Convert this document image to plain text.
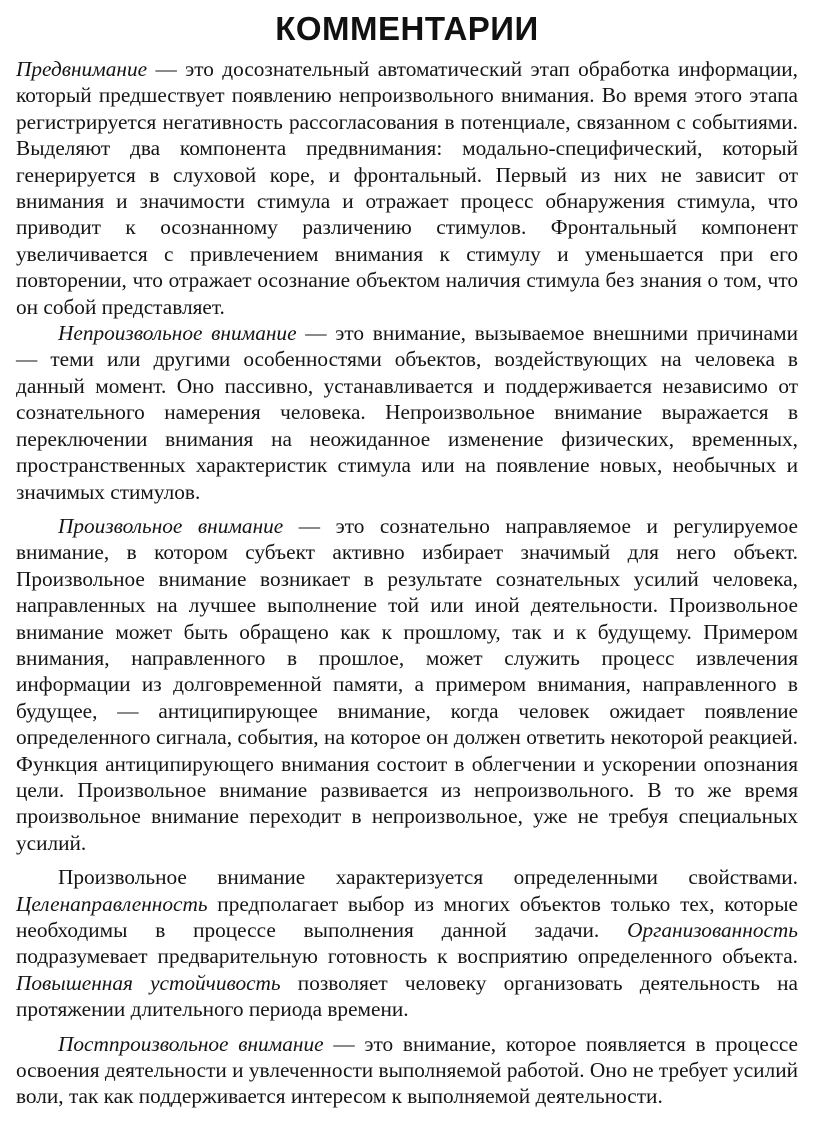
КОММЕНТАРИИ

Предвнимание — это досознательный автоматический этап обработка информации, который предшествует появлению непроизвольного внимания. Во время этого этапа регистрируется негативность рассогласования в потенциале, связанном с событиями. Выделяют два компонента предвнимания: модально-специфический, который генерируется в слуховой коре, и фронтальный. Первый из них не зависит от внимания и значимости стимула и отражает процесс обнаружения стимула, что приводит к осознанному различению стимулов. Фронтальный компонент увеличивается с привлечением внимания к стимулу и уменьшается при его повторении, что отражает осознание объектом наличия стимула без знания о том, что он собой представляет.

Непроизвольное внимание — это внимание, вызываемое внешними причинами — теми или другими особенностями объектов, воздействующих на человека в данный момент. Оно пассивно, устанавливается и поддерживается независимо от сознательного намерения человека. Непроизвольное внимание выражается в переключении внимания на неожиданное изменение физических, временных, пространственных характеристик стимула или на появление новых, необычных и значимых стимулов.

Произвольное внимание — это сознательно направляемое и регулируемое внимание, в котором субъект активно избирает значимый для него объект. Произвольное внимание возникает в результате сознательных усилий человека, направленных на лучшее выполнение той или иной деятельности. Произвольное внимание может быть обращено как к прошлому, так и к будущему. Примером внимания, направленного в прошлое, может служить процесс извлечения информации из долговременной памяти, а примером внимания, направленного в будущее, — антиципирующее внимание, когда человек ожидает появление определенного сигнала, события, на которое он должен ответить некоторой реакцией. Функция антиципирующего внимания состоит в облегчении и ускорении опознания цели. Произвольное внимание развивается из непроизвольного. В то же время произвольное внимание переходит в непроизвольное, уже не требуя специальных усилий.

Произвольное внимание характеризуется определенными свойствами. Целенаправленность предполагает выбор из многих объектов только тех, которые необходимы в процессе выполнения данной задачи. Организованность подразумевает предварительную готовность к восприятию определенного объекта. Повышенная устойчивость позволяет человеку организовать деятельность на протяжении длительного периода времени.

Постпроизвольное внимание — это внимание, которое появляется в процессе освоения деятельности и увлеченности выполняемой работой. Оно не требует усилий воли, так как поддерживается интересом к выполняемой деятельности.
